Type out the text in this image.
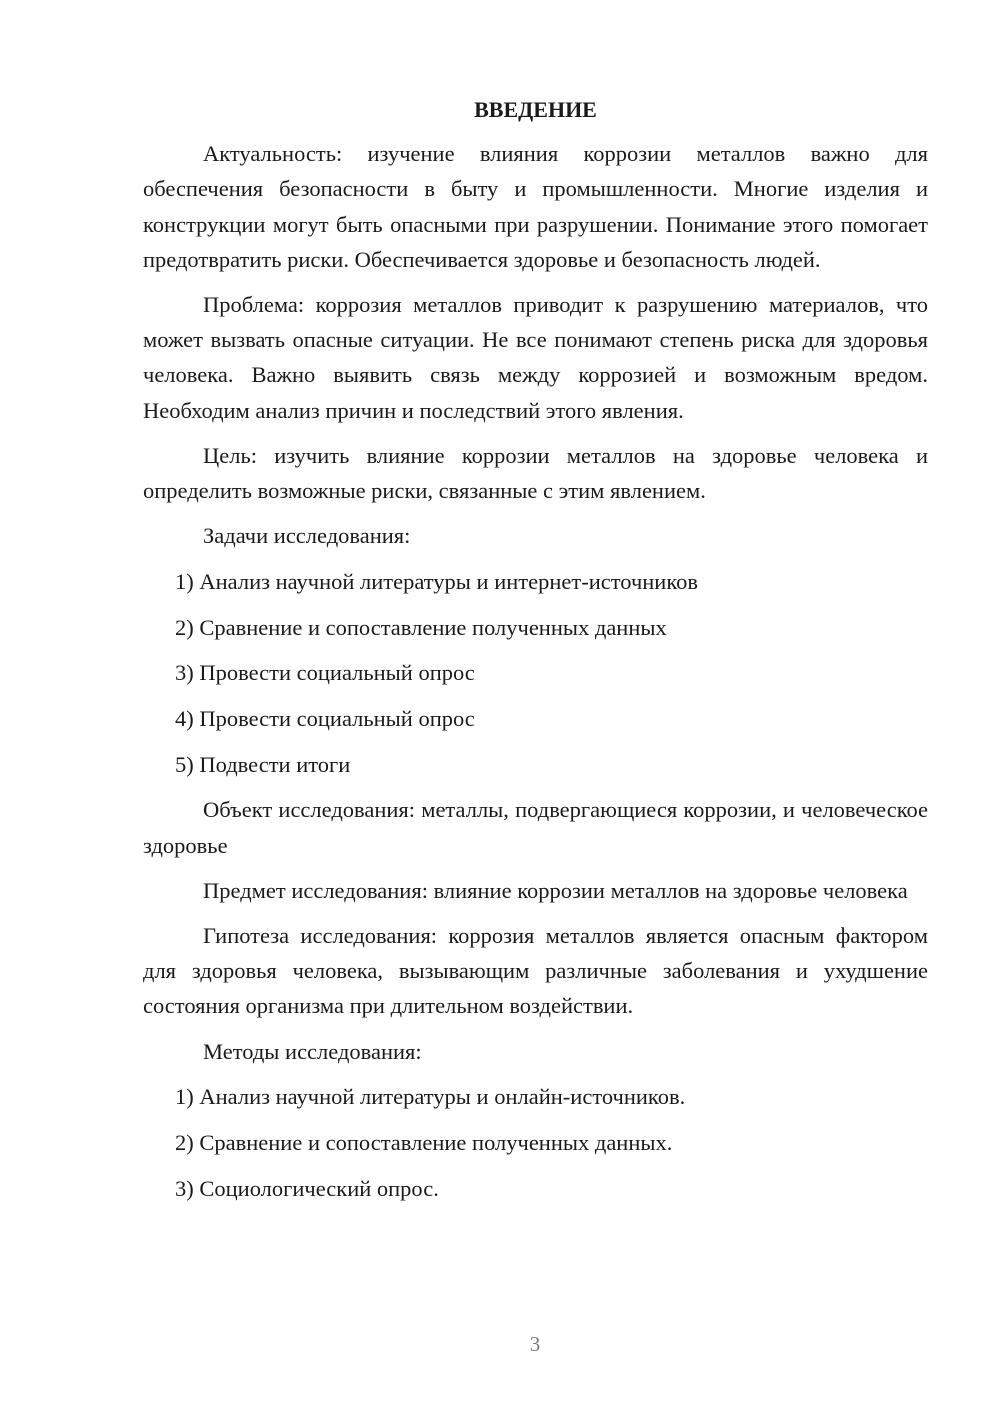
ВВЕДЕНИЕ

Актуальность: изучение влияния коррозии металлов важно для обеспечения безопасности в быту и промышленности. Многие изделия и конструкции могут быть опасными при разрушении. Понимание этого помогает предотвратить риски. Обеспечивается здоровье и безопасность людей.

Проблема: коррозия металлов приводит к разрушению материалов, что может вызвать опасные ситуации. Не все понимают степень риска для здоровья человека. Важно выявить связь между коррозией и возможным вредом. Необходим анализ причин и последствий этого явления.

Цель: изучить влияние коррозии металлов на здоровье человека и определить возможные риски, связанные с этим явлением.

Задачи исследования:
1) Анализ научной литературы и интернет-источников
2) Сравнение и сопоставление полученных данных
3) Провести социальный опрос
4) Провести социальный опрос
5) Подвести итоги

Объект исследования: металлы, подвергающиеся коррозии, и человеческое здоровье

Предмет исследования: влияние коррозии металлов на здоровье человека

Гипотеза исследования: коррозия металлов является опасным фактором для здоровья человека, вызывающим различные заболевания и ухудшение состояния организма при длительном воздействии.

Методы исследования:
1) Анализ научной литературы и онлайн-источников.
2) Сравнение и сопоставление полученных данных.
3) Социологический опрос.
3
